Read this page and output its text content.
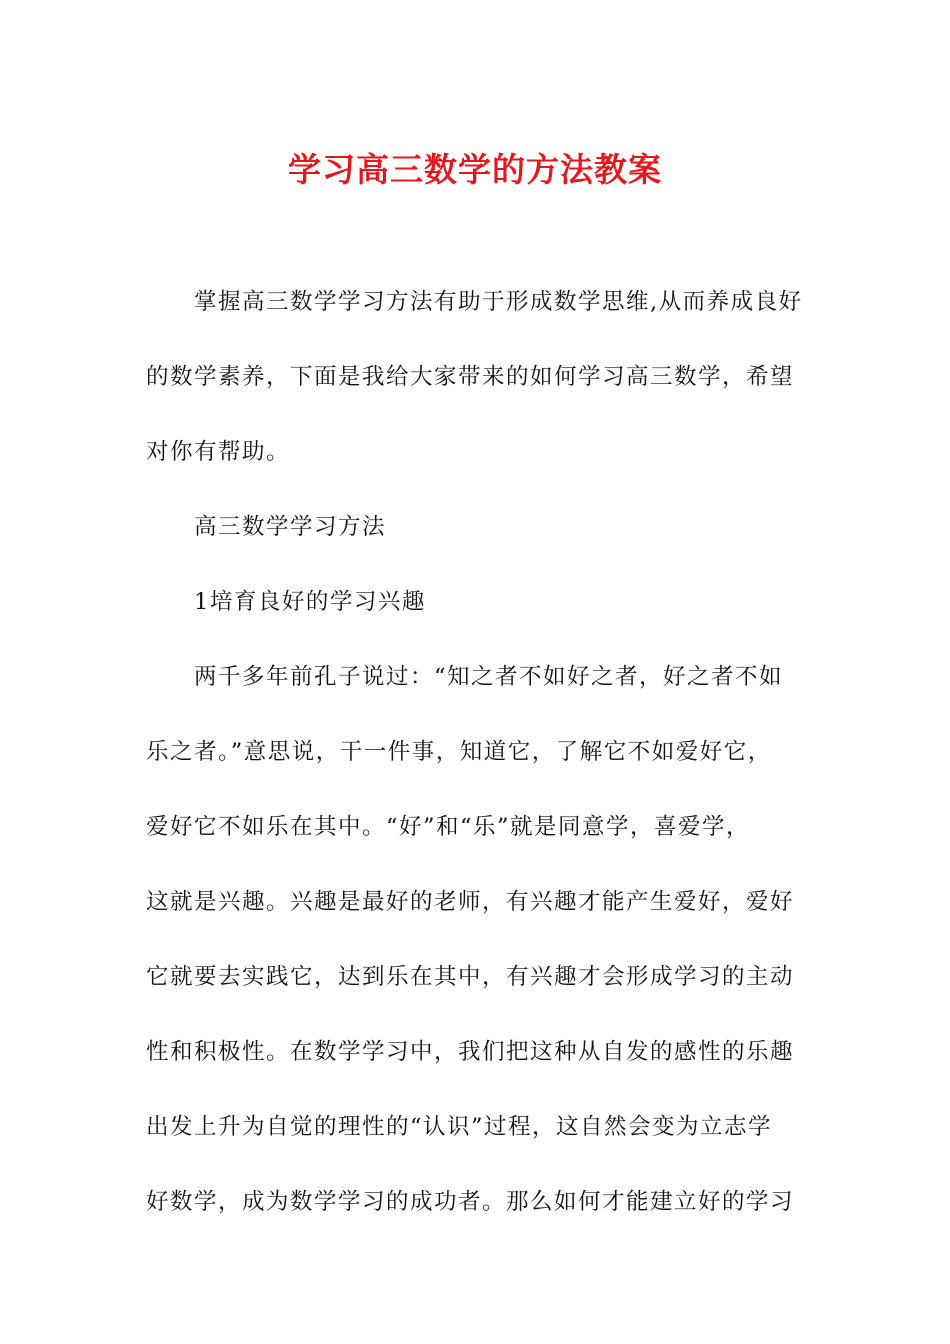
学习高三数学的方法教案
掌握高三数学学习方法有助于形成数学思维,从而养成良好
的数学素养，下面是我给大家带来的如何学习高三数学，希望
对你有帮助。
高三数学学习方法
1培育良好的学习兴趣
两千多年前孔子说过：“知之者不如好之者，好之者不如
乐之者。”意思说，干一件事，知道它，了解它不如爱好它，
爱好它不如乐在其中。“好”和“乐”就是同意学，喜爱学，
这就是兴趣。兴趣是最好的老师，有兴趣才能产生爱好，爱好
它就要去实践它，达到乐在其中，有兴趣才会形成学习的主动
性和积极性。在数学学习中，我们把这种从自发的感性的乐趣
出发上升为自觉的理性的“认识”过程，这自然会变为立志学
好数学，成为数学学习的成功者。那么如何才能建立好的学习
